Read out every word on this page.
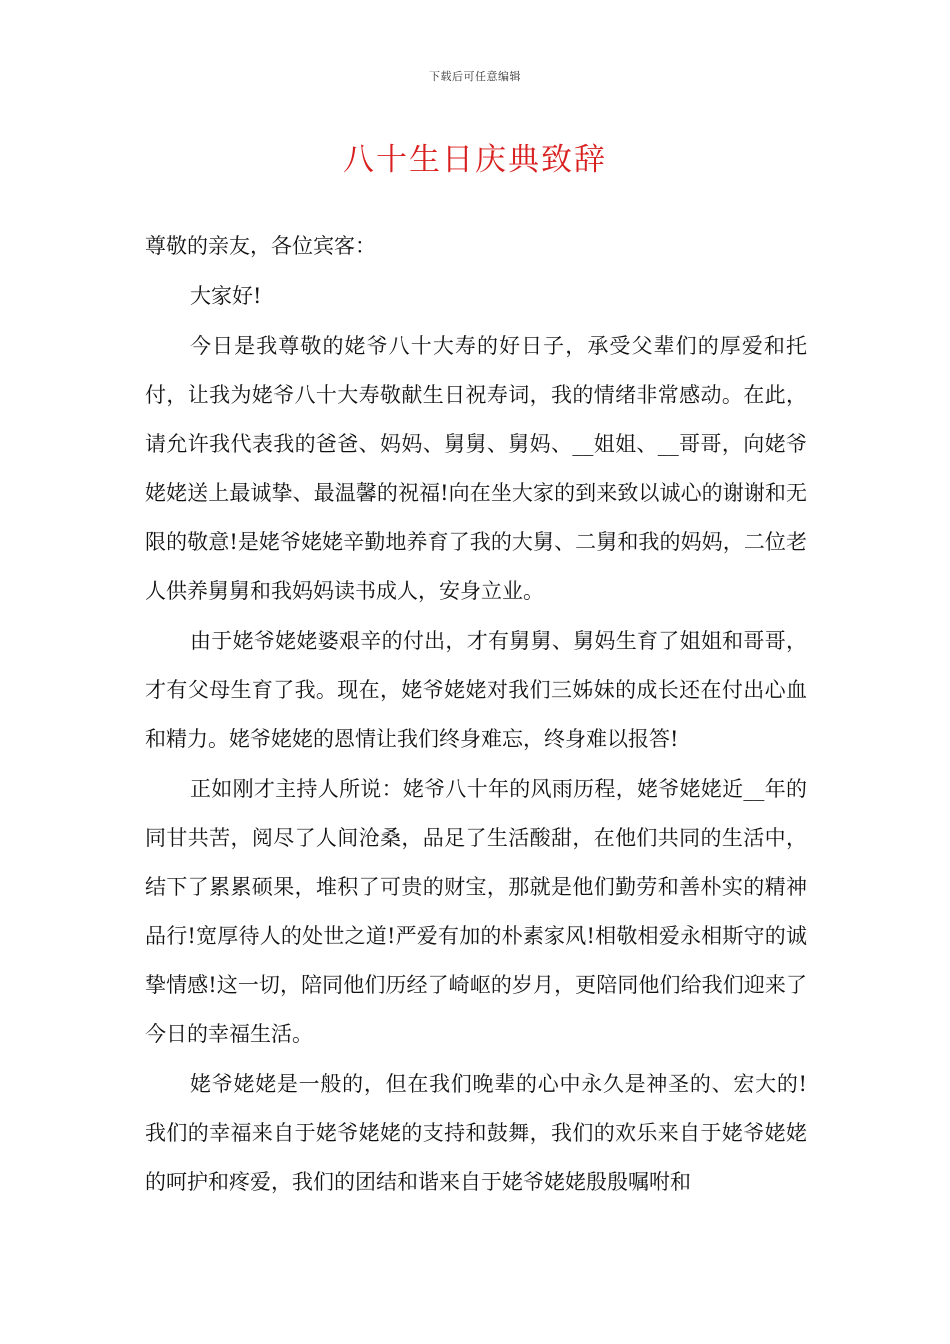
下载后可任意编辑
八十生日庆典致辞

尊敬的亲友，各位宾客：

大家好!

今日是我尊敬的姥爷八十大寿的好日子，承受父辈们的厚爱和托付，让我为姥爷八十大寿敬献生日祝寿词，我的情绪非常感动。在此，请允许我代表我的爸爸、妈妈、舅舅、舅妈、__姐姐、__哥哥，向姥爷姥姥送上最诚挚、最温馨的祝福!向在坐大家的到来致以诚心的谢谢和无限的敬意!是姥爷姥姥辛勤地养育了我的大舅、二舅和我的妈妈，二位老人供养舅舅和我妈妈读书成人，安身立业。

由于姥爷姥姥婆艰辛的付出，才有舅舅、舅妈生育了姐姐和哥哥，才有父母生育了我。现在，姥爷姥姥对我们三姊妹的成长还在付出心血和精力。姥爷姥姥的恩情让我们终身难忘，终身难以报答!

正如刚才主持人所说：姥爷八十年的风雨历程，姥爷姥姥近__年的同甘共苦，阅尽了人间沧桑，品足了生活酸甜，在他们共同的生活中，结下了累累硕果，堆积了可贵的财宝，那就是他们勤劳和善朴实的精神品行!宽厚待人的处世之道!严爱有加的朴素家风!相敬相爱永相斯守的诚挚情感!这一切，陪同他们历经了崎岖的岁月，更陪同他们给我们迎来了今日的幸福生活。

姥爷姥姥是一般的，但在我们晚辈的心中永久是神圣的、宏大的!我们的幸福来自于姥爷姥姥的支持和鼓舞，我们的欢乐来自于姥爷姥姥的呵护和疼爱，我们的团结和谐来自于姥爷姥姥殷殷嘱咐和
